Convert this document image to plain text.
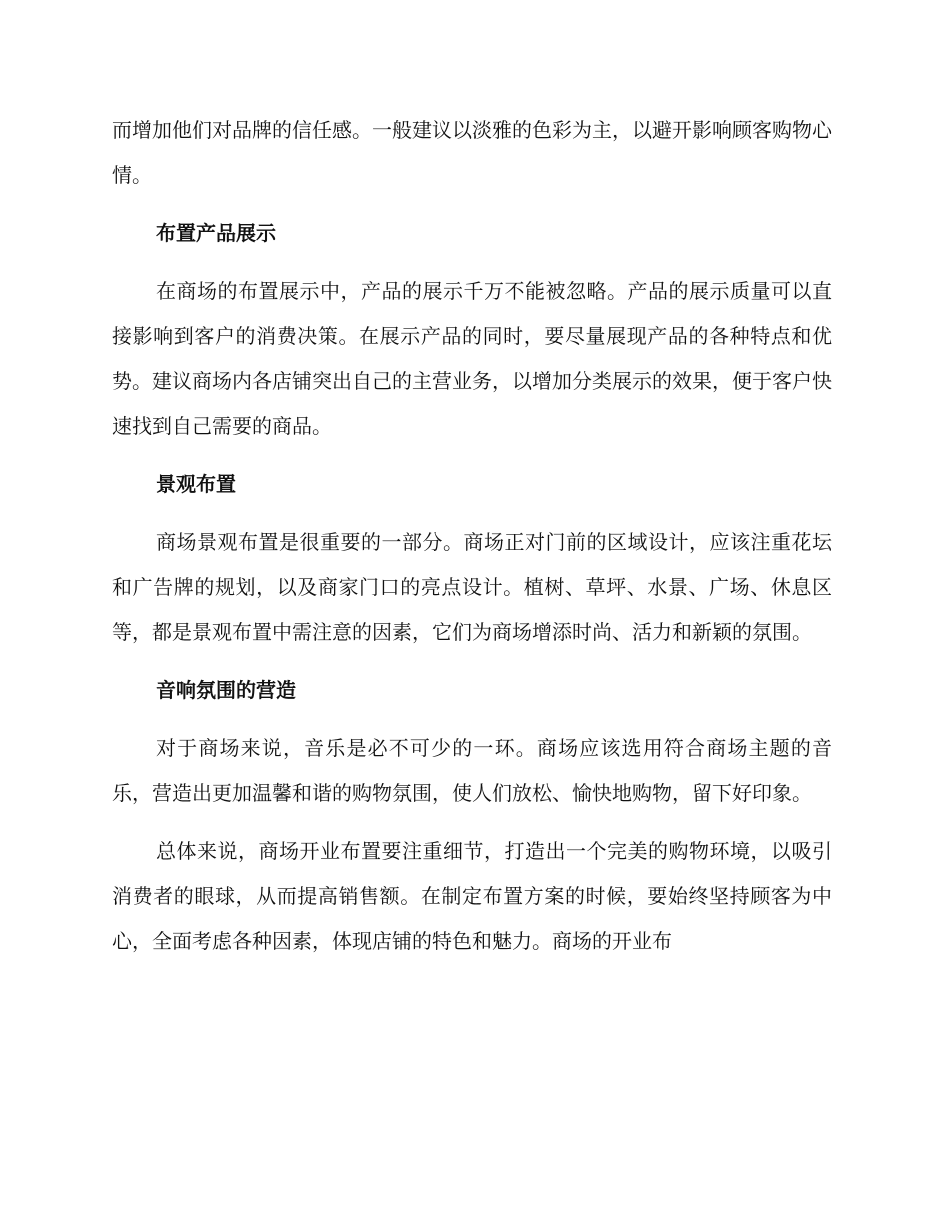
而增加他们对品牌的信任感。一般建议以淡雅的色彩为主，以避开影响顾客购物心情。

布置产品展示

在商场的布置展示中，产品的展示千万不能被忽略。产品的展示质量可以直接影响到客户的消费决策。在展示产品的同时，要尽量展现产品的各种特点和优势。建议商场内各店铺突出自己的主营业务，以增加分类展示的效果，便于客户快速找到自己需要的商品。

景观布置

商场景观布置是很重要的一部分。商场正对门前的区域设计，应该注重花坛和广告牌的规划，以及商家门口的亮点设计。植树、草坪、水景、广场、休息区等，都是景观布置中需注意的因素，它们为商场增添时尚、活力和新颖的氛围。

音响氛围的营造

对于商场来说，音乐是必不可少的一环。商场应该选用符合商场主题的音乐，营造出更加温馨和谐的购物氛围，使人们放松、愉快地购物，留下好印象。

总体来说，商场开业布置要注重细节，打造出一个完美的购物环境，以吸引消费者的眼球，从而提高销售额。在制定布置方案的时候，要始终坚持顾客为中心，全面考虑各种因素，体现店铺的特色和魅力。商场的开业布
